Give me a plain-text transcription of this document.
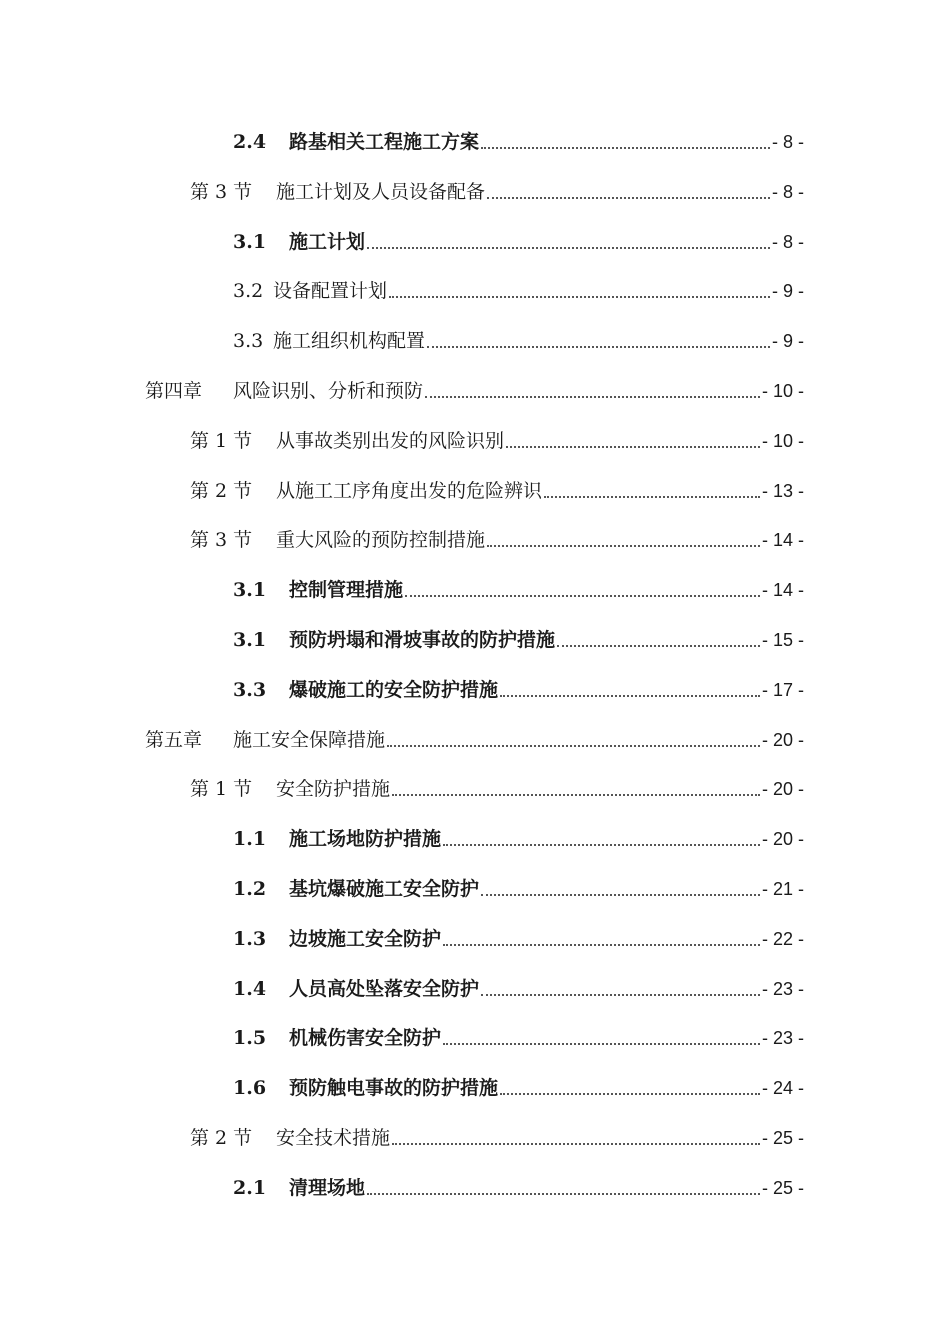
2.4 路基相关工程施工方案	- 8 -
第 3 节 施工计划及人员设备配备	- 8 -
3.1 施工计划	- 8 -
3.2 设备配置计划	- 9 -
3.3 施工组织机构配置	- 9 -
第四章 风险识别、分析和预防	- 10 -
第 1 节 从事故类别出发的风险识别	- 10 -
第 2 节 从施工工序角度出发的危险辨识	- 13 -
第 3 节 重大风险的预防控制措施	- 14 -
3.1 控制管理措施	- 14 -
3.1 预防坍塌和滑坡事故的防护措施	- 15 -
3.3 爆破施工的安全防护措施	- 17 -
第五章 施工安全保障措施	- 20 -
第 1 节 安全防护措施	- 20 -
1.1 施工场地防护措施	- 20 -
1.2 基坑爆破施工安全防护	- 21 -
1.3 边坡施工安全防护	- 22 -
1.4 人员高处坠落安全防护	- 23 -
1.5 机械伤害安全防护	- 23 -
1.6 预防触电事故的防护措施	- 24 -
第 2 节 安全技术措施	- 25 -
2.1 清理场地	- 25 -
